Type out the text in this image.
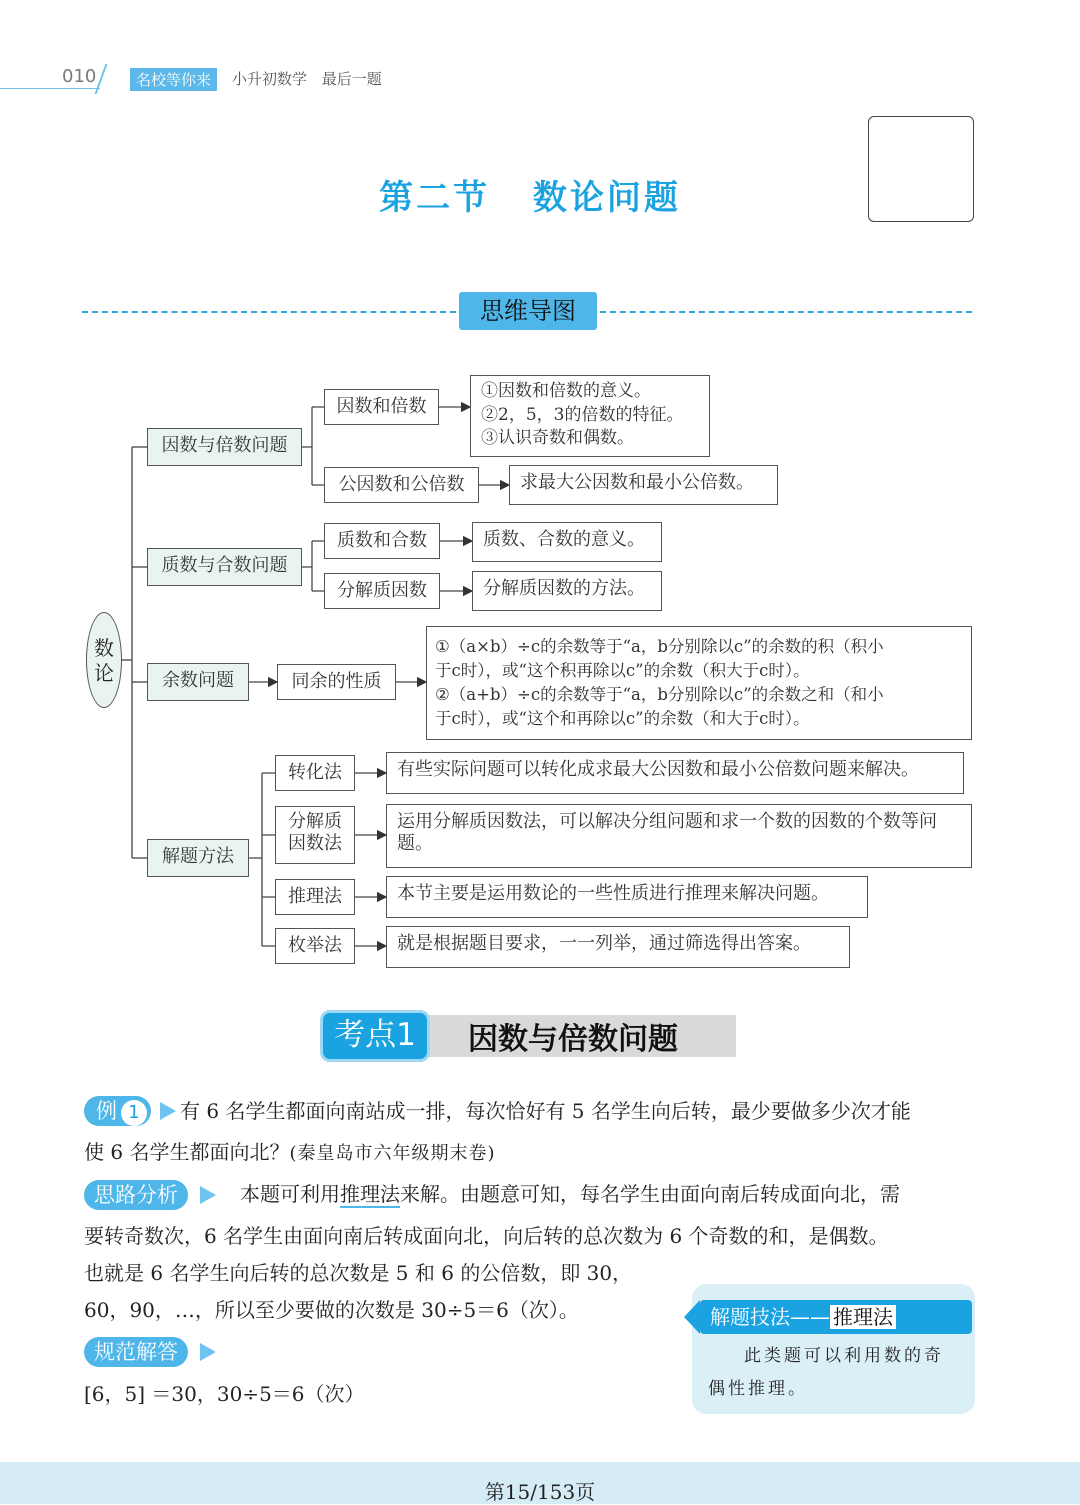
010	名校等你来	小升初数学 最后一题
第二节 数论问题
思维导图
数论
因数与倍数问题
质数与合数问题
余数问题
解题方法
因数和倍数
公因数和公倍数
质数和合数
分解质因数
同余的性质
转化法
分解质因数法
推理法
枚举法
①因数和倍数的意义。
②2，5，3的倍数的特征。
③认识奇数和偶数。
求最大公因数和最小公倍数。
质数、合数的意义。
分解质因数的方法。
①（a×b）÷c的余数等于“a，b分别除以c”的余数的积（积小
于c时），或“这个积再除以c”的余数（积大于c时）。
②（a+b）÷c的余数等于“a，b分别除以c”的余数之和（和小
于c时），或“这个和再除以c”的余数（和大于c时）。
有些实际问题可以转化成求最大公因数和最小公倍数问题来解决。
运用分解质因数法，可以解决分组问题和求一个数的因数的个数等问题。
本节主要是运用数论的一些性质进行推理来解决问题。
就是根据题目要求，一一列举，通过筛选得出答案。
考点1	因数与倍数问题
例 1	有 6 名学生都面向南站成一排，每次恰好有 5 名学生向后转，最少要做多少次才能
使 6 名学生都面向北？(秦皇岛市六年级期末卷)
思路分析	本题可利用推理法来解。由题意可知，每名学生由面向南后转成面向北，需
要转奇数次，6 名学生由面向南后转成面向北，向后转的总次数为 6 个奇数的和，是偶数。
也就是 6 名学生向后转的总次数是 5 和 6 的公倍数，即 30，
60，90，…，所以至少要做的次数是 30÷5＝6（次）。
规范解答
[6，5] ＝30，30÷5＝6（次）
解题技法—— 推理法
此类题可以利用数的奇偶性推理。
第15/153页
